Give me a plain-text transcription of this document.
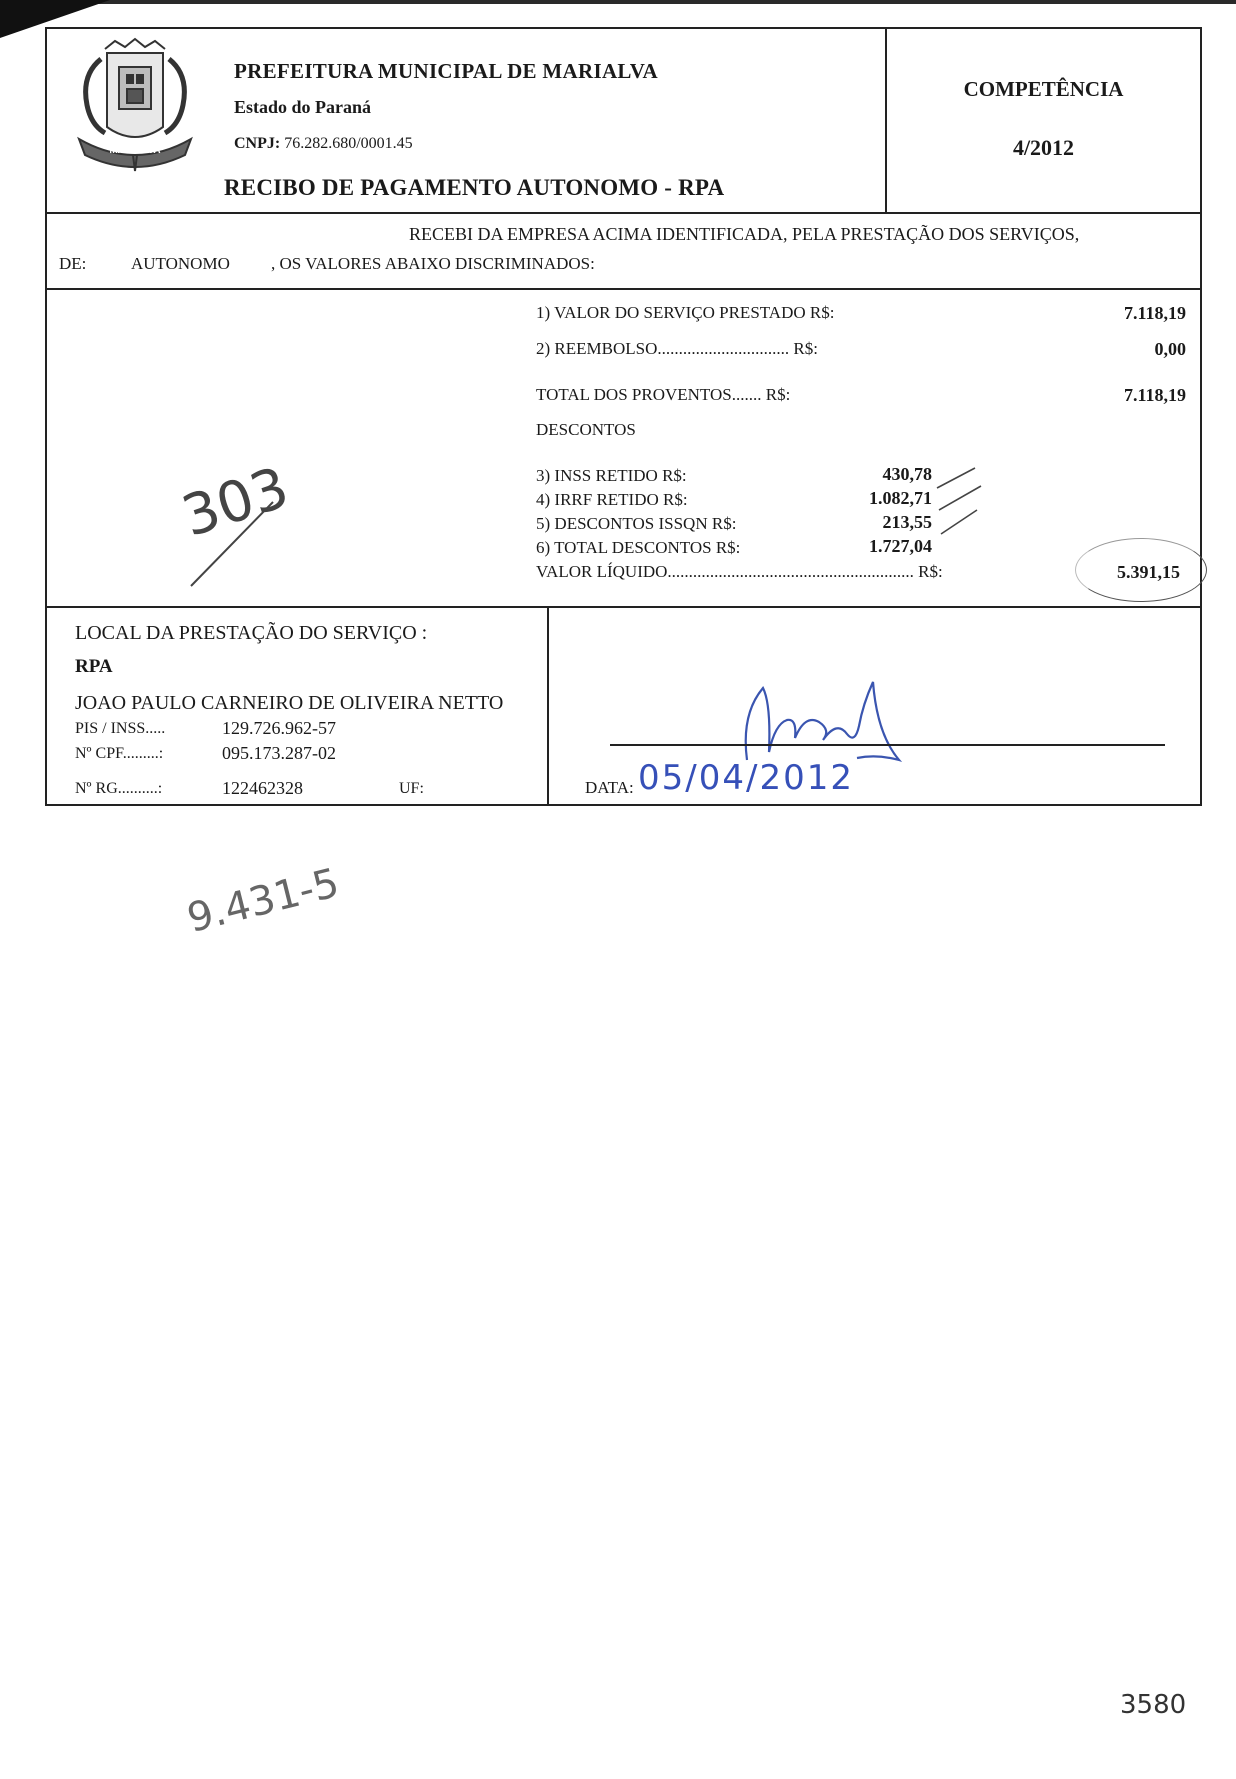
MARIALVA
PREFEITURA MUNICIPAL DE MARIALVA
Estado do Paraná
CNPJ: 76.282.680/0001.45
RECIBO DE PAGAMENTO AUTONOMO - RPA
COMPETÊNCIA
4/2012
RECEBI DA EMPRESA ACIMA IDENTIFICADA, PELA PRESTAÇÃO DOS SERVIÇOS,
DE:	AUTONOMO , OS VALORES ABAIXO DISCRIMINADOS:
1) VALOR DO SERVIÇO PRESTADO R$:	7.118,19
2) REEMBOLSO............................... R$:	0,00
TOTAL DOS PROVENTOS....... R$:	7.118,19
DESCONTOS
3) INSS RETIDO R$:	430,78
4) IRRF RETIDO R$:	1.082,71
5) DESCONTOS ISSQN R$:	213,55
6) TOTAL DESCONTOS R$:	1.727,04
VALOR LÍQUIDO.......................................................... R$:	5.391,15
303
LOCAL DA PRESTAÇÃO DO SERVIÇO :
RPA
JOAO PAULO CARNEIRO DE OLIVEIRA NETTO
PIS / INSS.....	129.726.962-57
Nº CPF.........:	095.173.287-02
Nº RG..........:	122462328	UF:	DATA: 05/04/2012
9.431-5
3580
